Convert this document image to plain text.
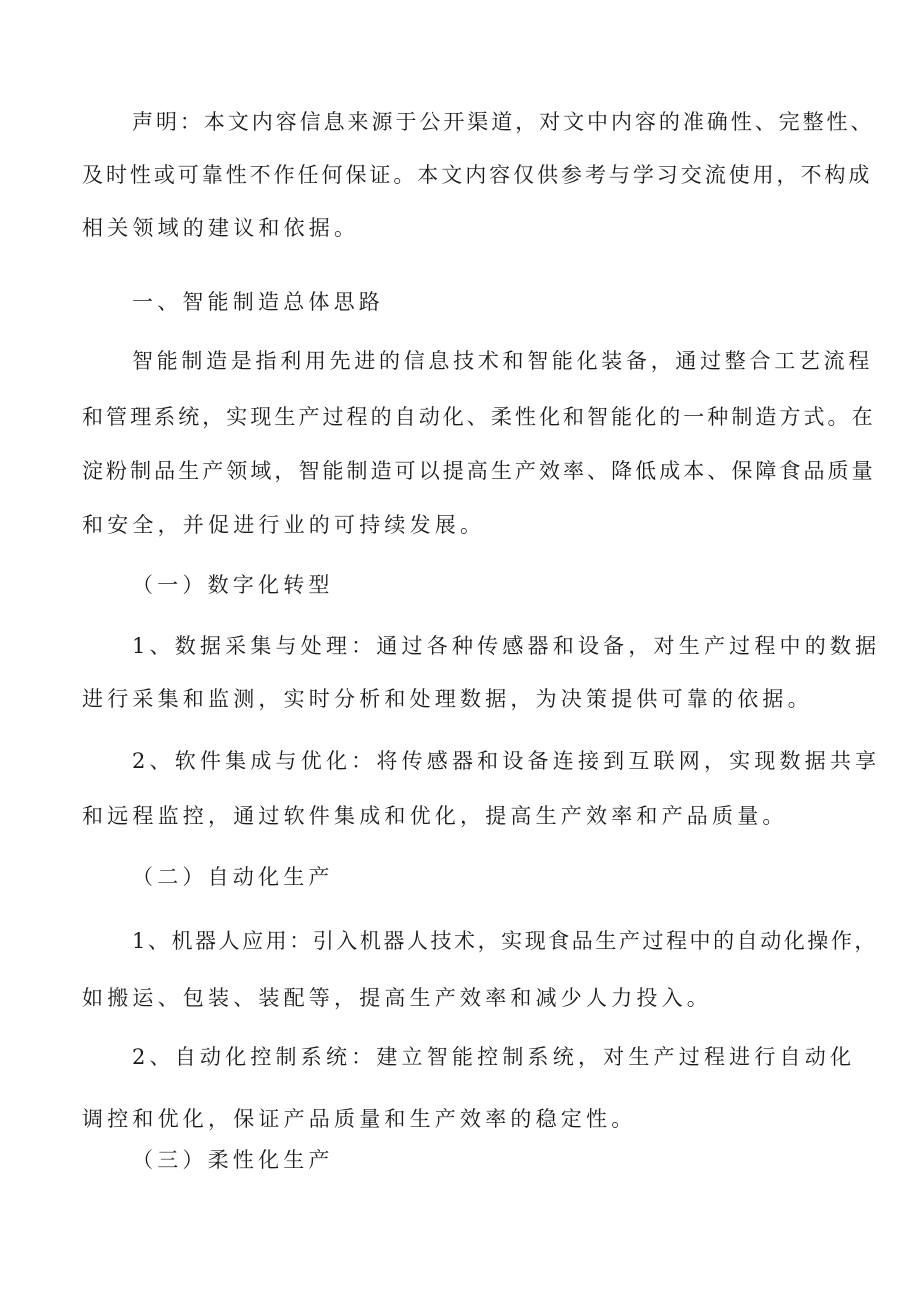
声明：本文内容信息来源于公开渠道，对文中内容的准确性、完整性、
及时性或可靠性不作任何保证。本文内容仅供参考与学习交流使用，不构成
相关领域的建议和依据。
一、智能制造总体思路
智能制造是指利用先进的信息技术和智能化装备，通过整合工艺流程
和管理系统，实现生产过程的自动化、柔性化和智能化的一种制造方式。在
淀粉制品生产领域，智能制造可以提高生产效率、降低成本、保障食品质量
和安全，并促进行业的可持续发展。
（一）数字化转型
1、数据采集与处理：通过各种传感器和设备，对生产过程中的数据
进行采集和监测，实时分析和处理数据，为决策提供可靠的依据。
2、软件集成与优化：将传感器和设备连接到互联网，实现数据共享
和远程监控，通过软件集成和优化，提高生产效率和产品质量。
（二）自动化生产
1、机器人应用：引入机器人技术，实现食品生产过程中的自动化操作，
如搬运、包装、装配等，提高生产效率和减少人力投入。
2、自动化控制系统：建立智能控制系统，对生产过程进行自动化
调控和优化，保证产品质量和生产效率的稳定性。
（三）柔性化生产
